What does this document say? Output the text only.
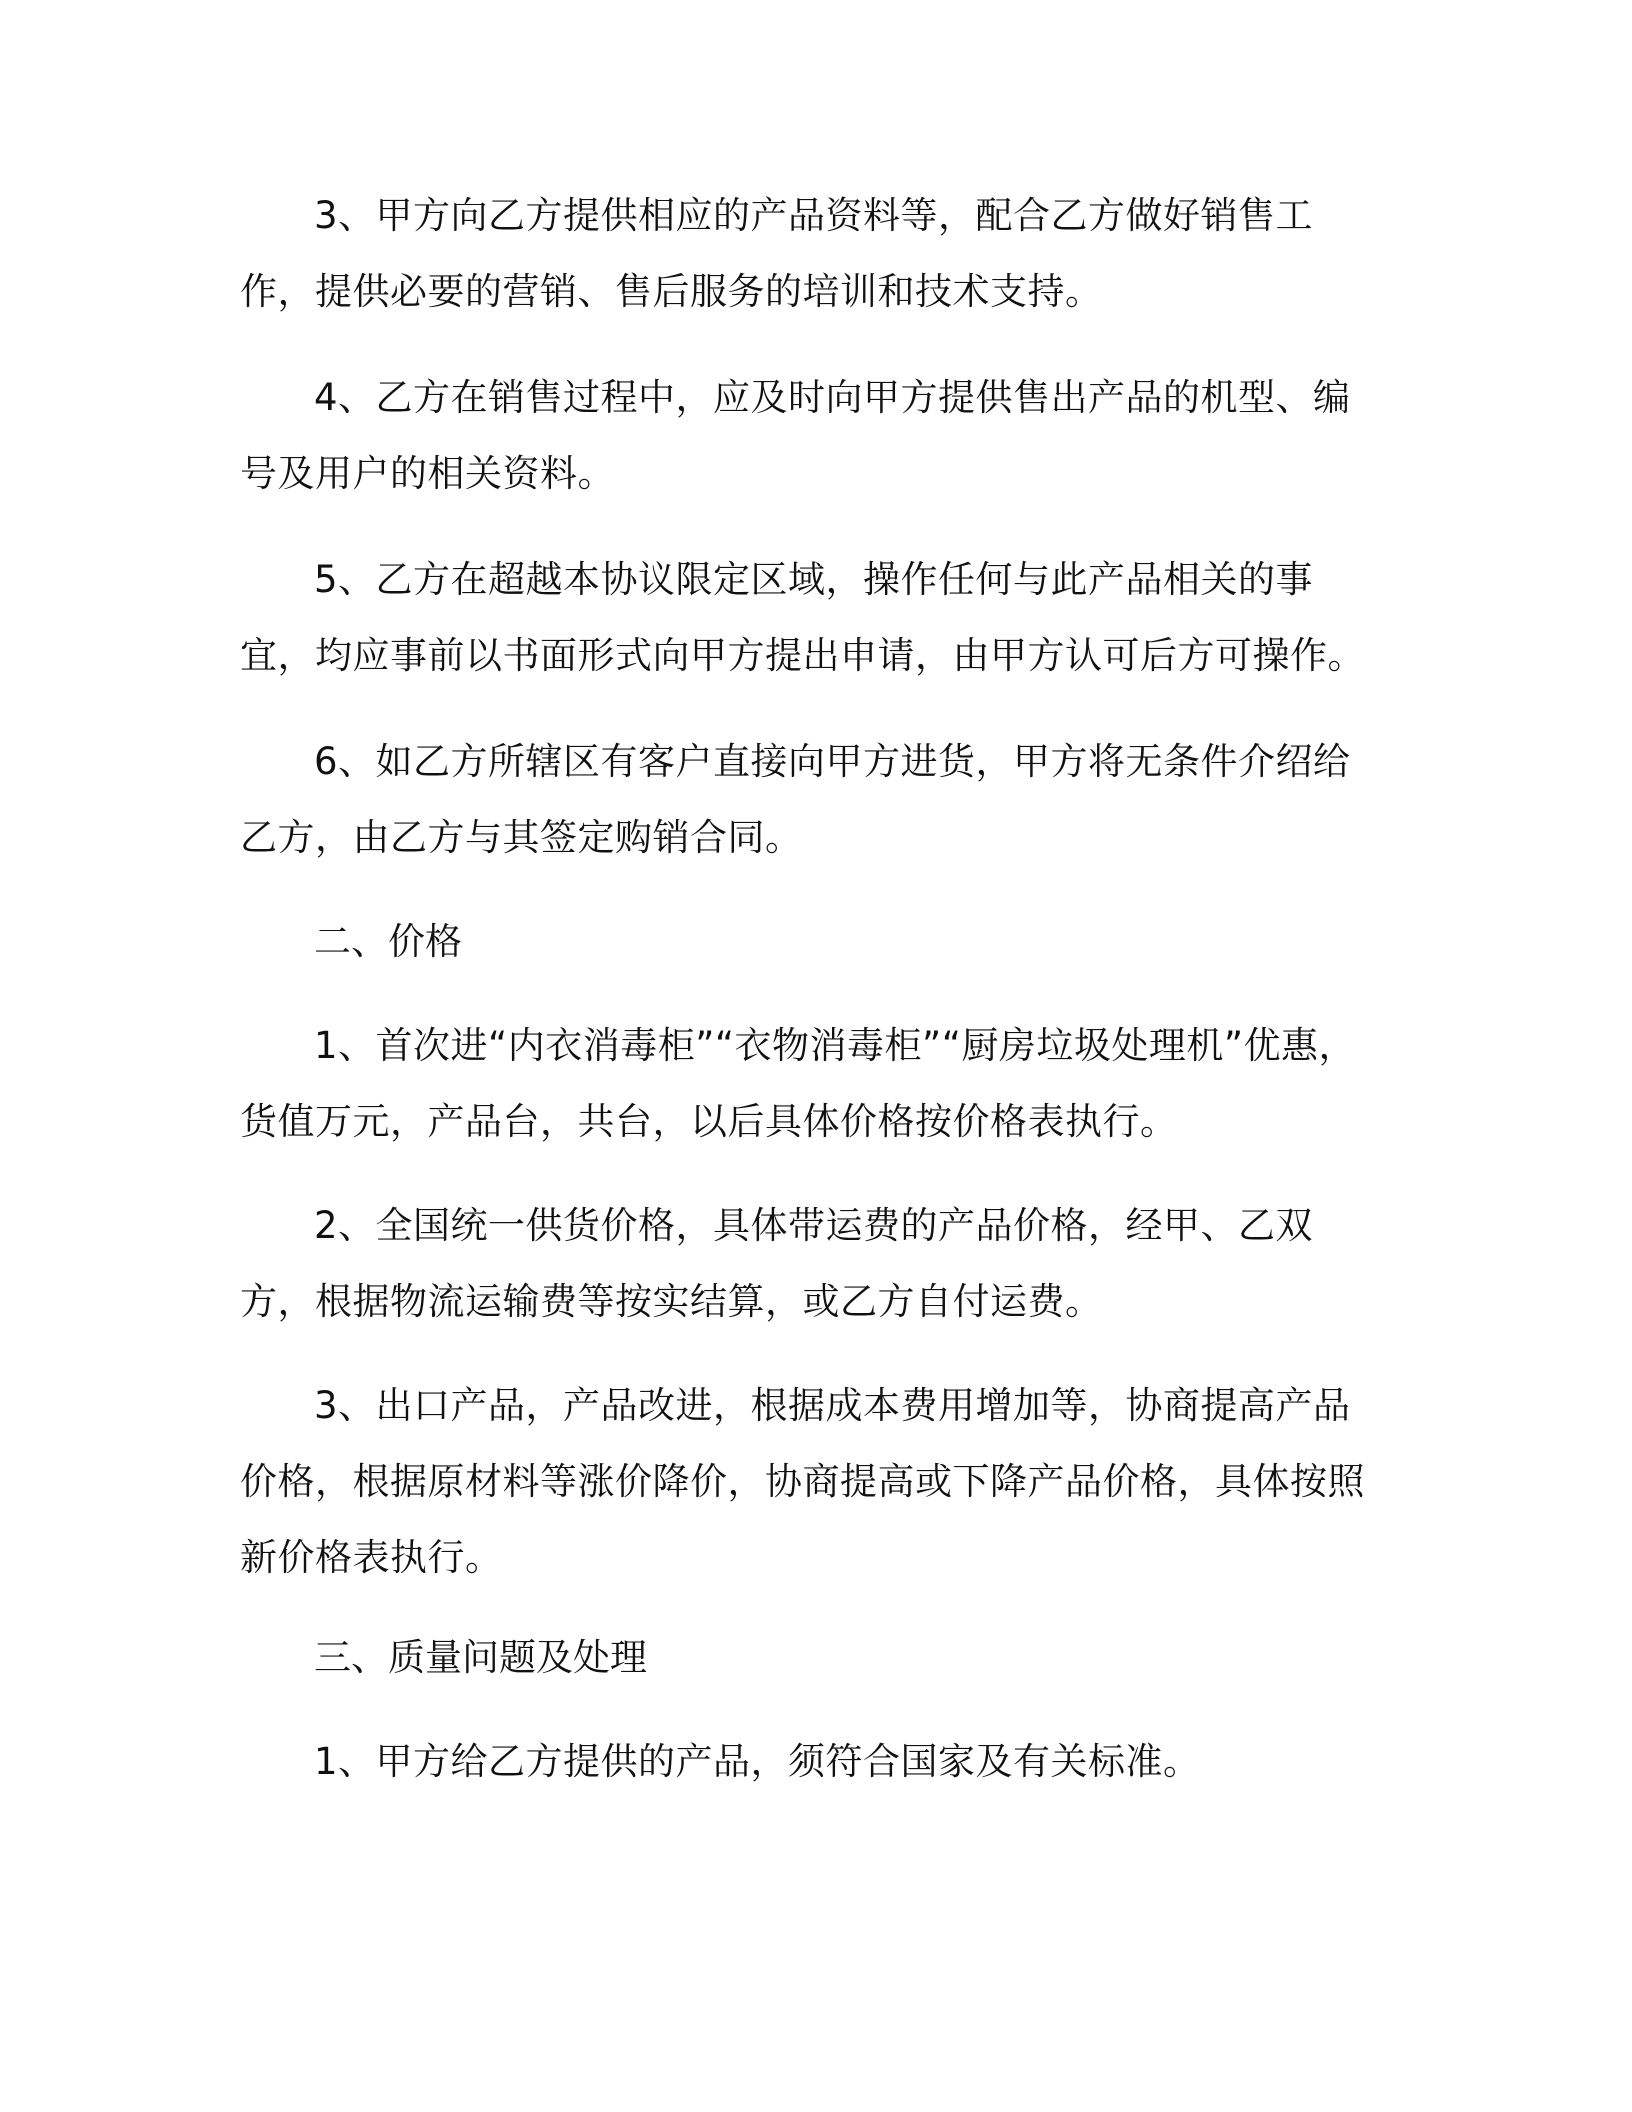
3、甲方向乙方提供相应的产品资料等，配合乙方做好销售工作，提供必要的营销、售后服务的培训和技术支持。

4、乙方在销售过程中，应及时向甲方提供售出产品的机型、编号及用户的相关资料。

5、乙方在超越本协议限定区域，操作任何与此产品相关的事宜，均应事前以书面形式向甲方提出申请，由甲方认可后方可操作。

6、如乙方所辖区有客户直接向甲方进货，甲方将无条件介绍给乙方，由乙方与其签定购销合同。

二、价格

1、首次进“内衣消毒柜”“衣物消毒柜”“厨房垃圾处理机”优惠，货值万元，产品台，共台，以后具体价格按价格表执行。

2、全国统一供货价格，具体带运费的产品价格，经甲、乙双方，根据物流运输费等按实结算，或乙方自付运费。

3、出口产品，产品改进，根据成本费用增加等，协商提高产品价格，根据原材料等涨价降价，协商提高或下降产品价格，具体按照新价格表执行。

三、质量问题及处理

1、甲方给乙方提供的产品，须符合国家及有关标准。
